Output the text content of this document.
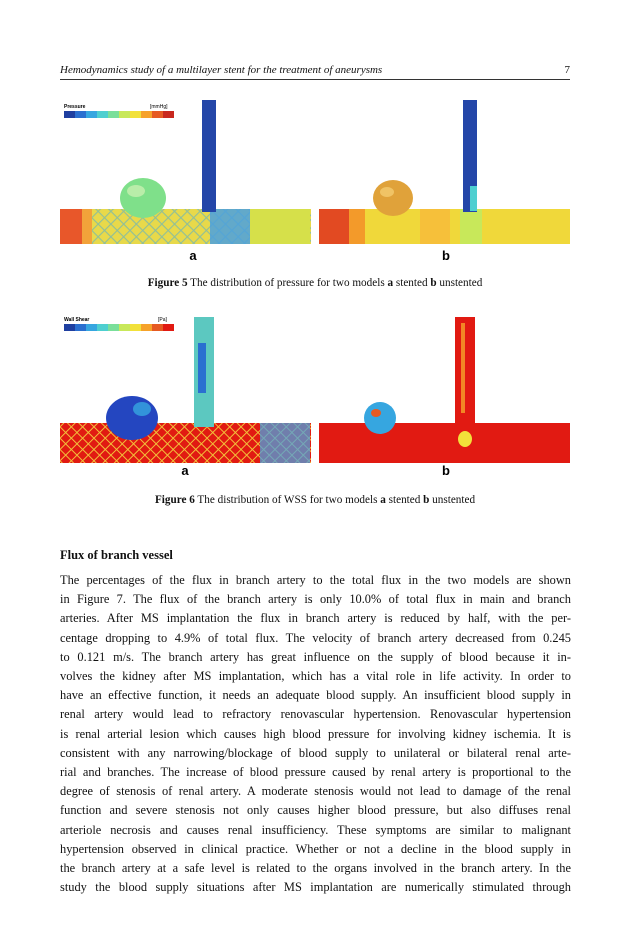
Hemodynamics study of a multilayer stent for the treatment of aneurysms	7
a
Pressure	[mmHg]
b
Figure 5 The distribution of pressure for two models a stented b unstented
a
Wall Shear	[Pa]
b
Figure 6 The distribution of WSS for two models a stented b unstented
Flux of branch vessel
The percentages of the flux in branch artery to the total flux in the two models are shown
in Figure 7. The flux of the branch artery is only 10.0% of total flux in main and branch
arteries. After MS implantation the flux in branch artery is reduced by half, with the per-
centage dropping to 4.9% of total flux. The velocity of branch artery decreased from 0.245
to 0.121 m/s. The branch artery has great influence on the supply of blood because it in-
volves the kidney after MS implantation, which has a vital role in life activity. In order to
have an effective function, it needs an adequate blood supply. An insufficient blood supply in
renal artery would lead to refractory renovascular hypertension. Renovascular hypertension
is renal arterial lesion which causes high blood pressure for involving kidney ischemia. It is
consistent with any narrowing/blockage of blood supply to unilateral or bilateral renal arte-
rial and branches. The increase of blood pressure caused by renal artery is proportional to the
degree of stenosis of renal artery. A moderate stenosis would not lead to damage of the renal
function and severe stenosis not only causes higher blood pressure, but also diffuses renal
arteriole necrosis and causes renal insufficiency. These symptoms are similar to malignant
hypertension observed in clinical practice. Whether or not a decline in the blood supply in
the branch artery at a safe level is related to the organs involved in the branch artery. In the
study the blood supply situations after MS implantation are numerically stimulated through
